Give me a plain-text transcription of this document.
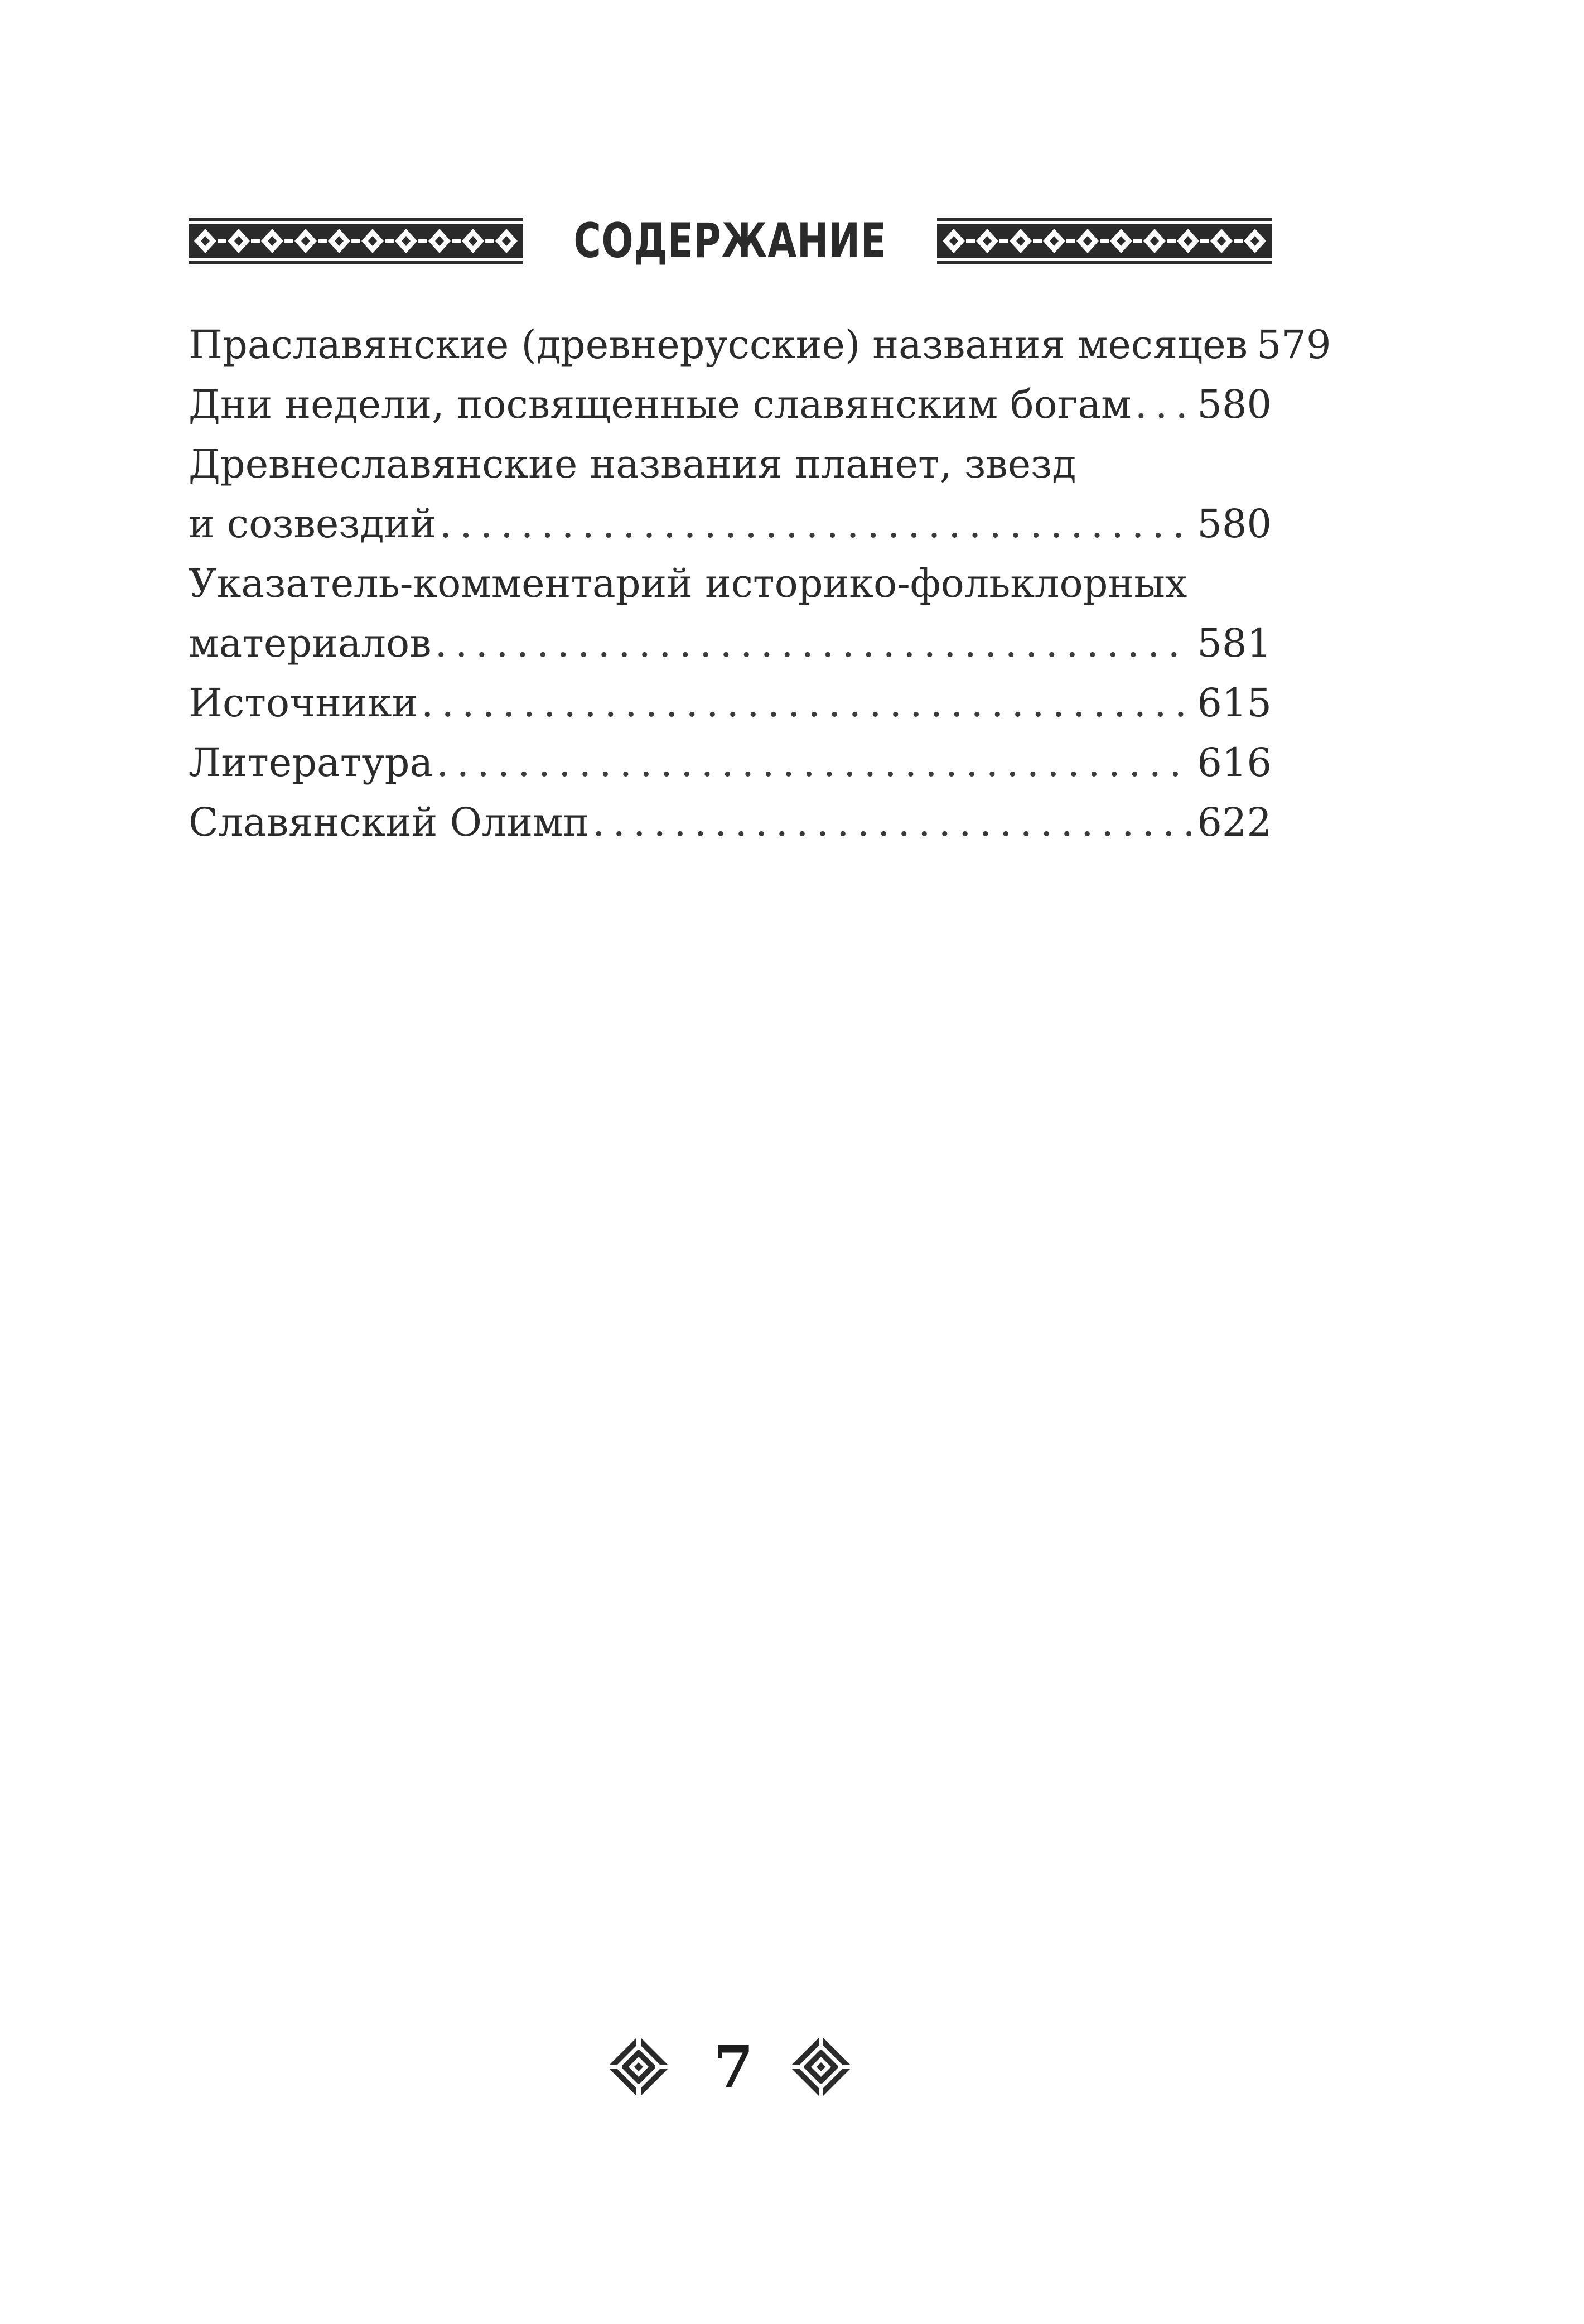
СОДЕРЖАНИЕ
Праславянские (древнерусские) названия месяцев 579
Дни недели, посвященные славянским богам . . . 580
Древнеславянские названия планет, звезд
и созвездий . . .	580
Указатель-комментарий историко-фольклорных
материалов . . .	581
Источники . . .	615
Литература . . .	616
Славянский Олимп . . .	622
7
